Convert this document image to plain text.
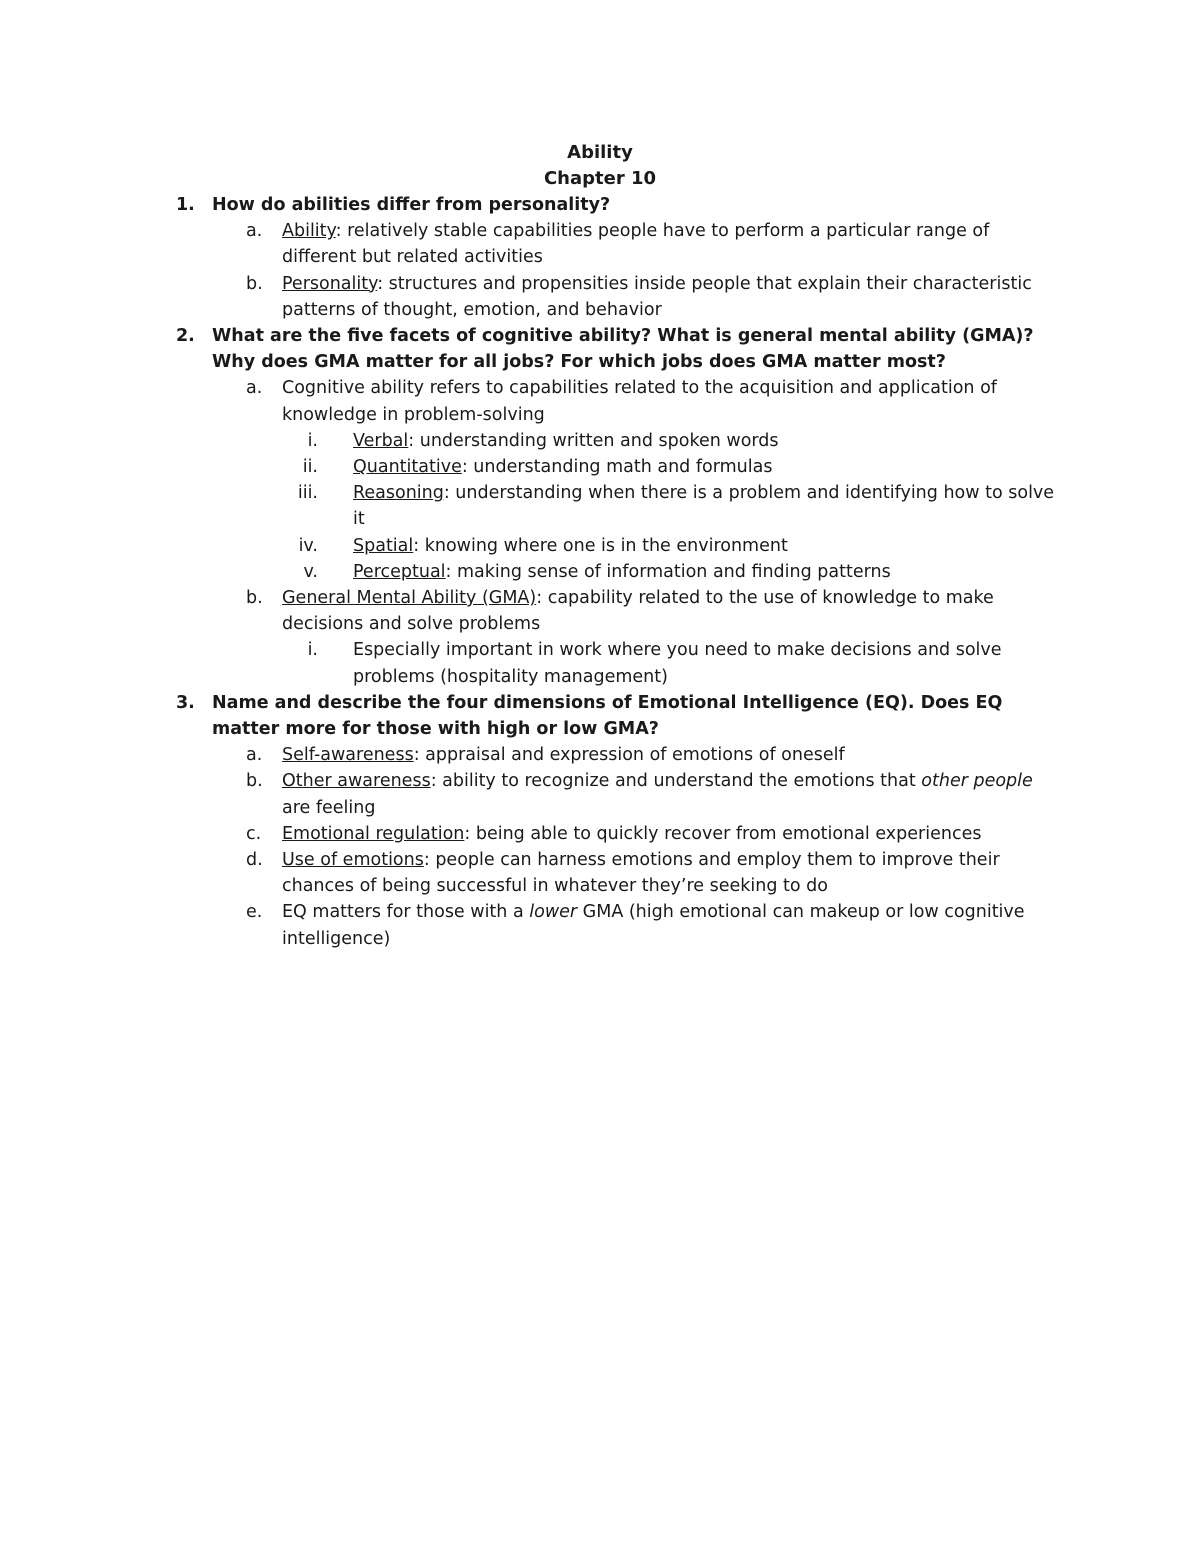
Ability
Chapter 10
1. How do abilities differ from personality?
a. Ability: relatively stable capabilities people have to perform a particular range of different but related activities
b. Personality: structures and propensities inside people that explain their characteristic patterns of thought, emotion, and behavior
2. What are the five facets of cognitive ability? What is general mental ability (GMA)? Why does GMA matter for all jobs? For which jobs does GMA matter most?
a. Cognitive ability refers to capabilities related to the acquisition and application of knowledge in problem-solving
i. Verbal: understanding written and spoken words
ii. Quantitative: understanding math and formulas
iii. Reasoning: understanding when there is a problem and identifying how to solve it
iv. Spatial: knowing where one is in the environment
v. Perceptual: making sense of information and finding patterns
b. General Mental Ability (GMA): capability related to the use of knowledge to make decisions and solve problems
i. Especially important in work where you need to make decisions and solve problems (hospitality management)
3. Name and describe the four dimensions of Emotional Intelligence (EQ). Does EQ matter more for those with high or low GMA?
a. Self-awareness: appraisal and expression of emotions of oneself
b. Other awareness: ability to recognize and understand the emotions that other people are feeling
c. Emotional regulation: being able to quickly recover from emotional experiences
d. Use of emotions: people can harness emotions and employ them to improve their chances of being successful in whatever they’re seeking to do
e. EQ matters for those with a lower GMA (high emotional can makeup or low cognitive intelligence)
